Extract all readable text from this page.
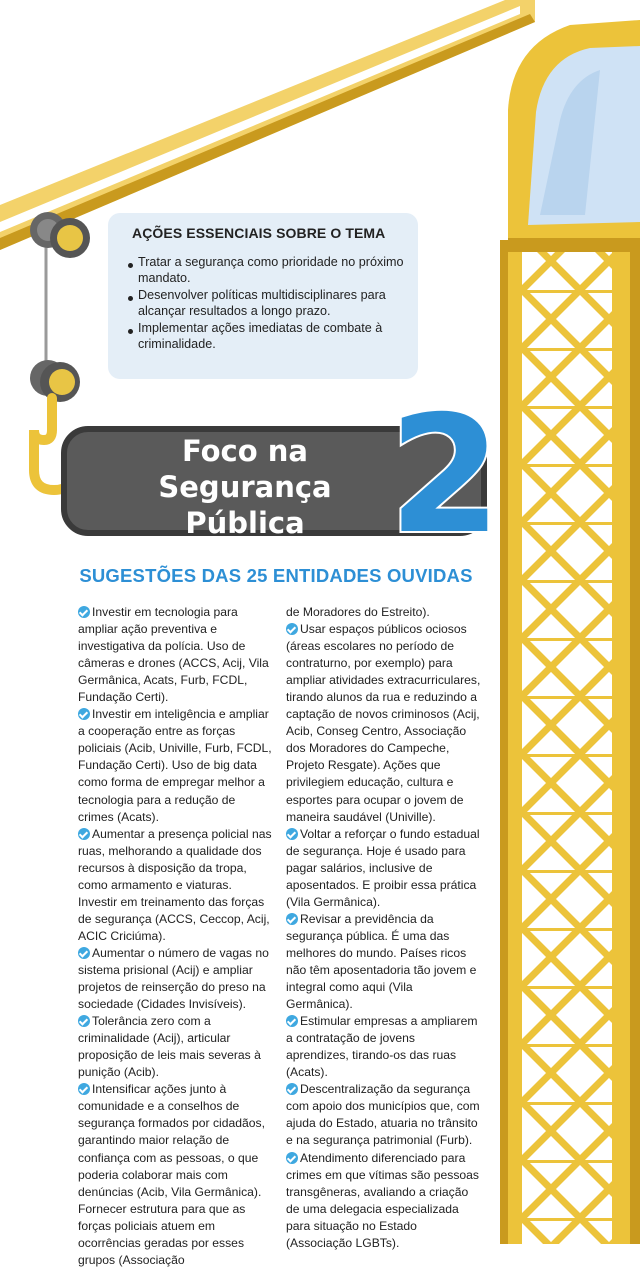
AÇÕES ESSENCIAIS SOBRE O TEMA
Tratar a segurança como prioridade no próximo mandato.
Desenvolver políticas multidisciplinares para alcançar resultados a longo prazo.
Implementar ações imediatas de combate à criminalidade.
2
Foco na
Segurança
Pública
SUGESTÕES DAS 25 ENTIDADES OUVIDAS

Investir em tecnologia para ampliar ação preventiva e investigativa da polícia. Uso de câmeras e drones (ACCS, Acij, Vila Germânica, Acats, Furb, FCDL, Fundação Certi).

Investir em inteligência e ampliar a cooperação entre as forças policiais (Acib, Univille, Furb, FCDL, Fundação Certi). Uso de big data como forma de empregar melhor a tecnologia para a redução de crimes (Acats).

Aumentar a presença policial nas ruas, melhorando a qualidade dos recursos à disposição da tropa, como armamento e viaturas. Investir em treinamento das forças de segurança (ACCS, Ceccop, Acij, ACIC Criciúma).

Aumentar o número de vagas no sistema prisional (Acij) e ampliar projetos de reinserção do preso na sociedade (Cidades Invisíveis).

Tolerância zero com a criminalidade (Acij), articular proposição de leis mais severas à punição (Acib).

Intensificar ações junto à comunidade e a conselhos de segurança formados por cidadãos, garantindo maior relação de confiança com as pessoas, o que poderia colaborar mais com denúncias (Acib, Vila Germânica). Fornecer estrutura para que as forças policiais atuem em ocorrências geradas por esses grupos (Associação

de Moradores do Estreito).

Usar espaços públicos ociosos (áreas escolares no período de contraturno, por exemplo) para ampliar atividades extracurriculares, tirando alunos da rua e reduzindo a captação de novos criminosos (Acij, Acib, Conseg Centro, Associação dos Moradores do Campeche, Projeto Resgate). Ações que privilegiem educação, cultura e esportes para ocupar o jovem de maneira saudável (Univille).

Voltar a reforçar o fundo estadual de segurança. Hoje é usado para pagar salários, inclusive de aposentados. E proibir essa prática (Vila Germânica).

Revisar a previdência da segurança pública. É uma das melhores do mundo. Países ricos não têm aposentadoria tão jovem e integral como aqui (Vila Germânica).

Estimular empresas a ampliarem a contratação de jovens aprendizes, tirando-os das ruas (Acats).

Descentralização da segurança com apoio dos municípios que, com ajuda do Estado, atuaria no trânsito e na segurança patrimonial (Furb).

Atendimento diferenciado para crimes em que vítimas são pessoas transgêneras, avaliando a criação de uma delegacia especializada para situação no Estado (Associação LGBTs).
